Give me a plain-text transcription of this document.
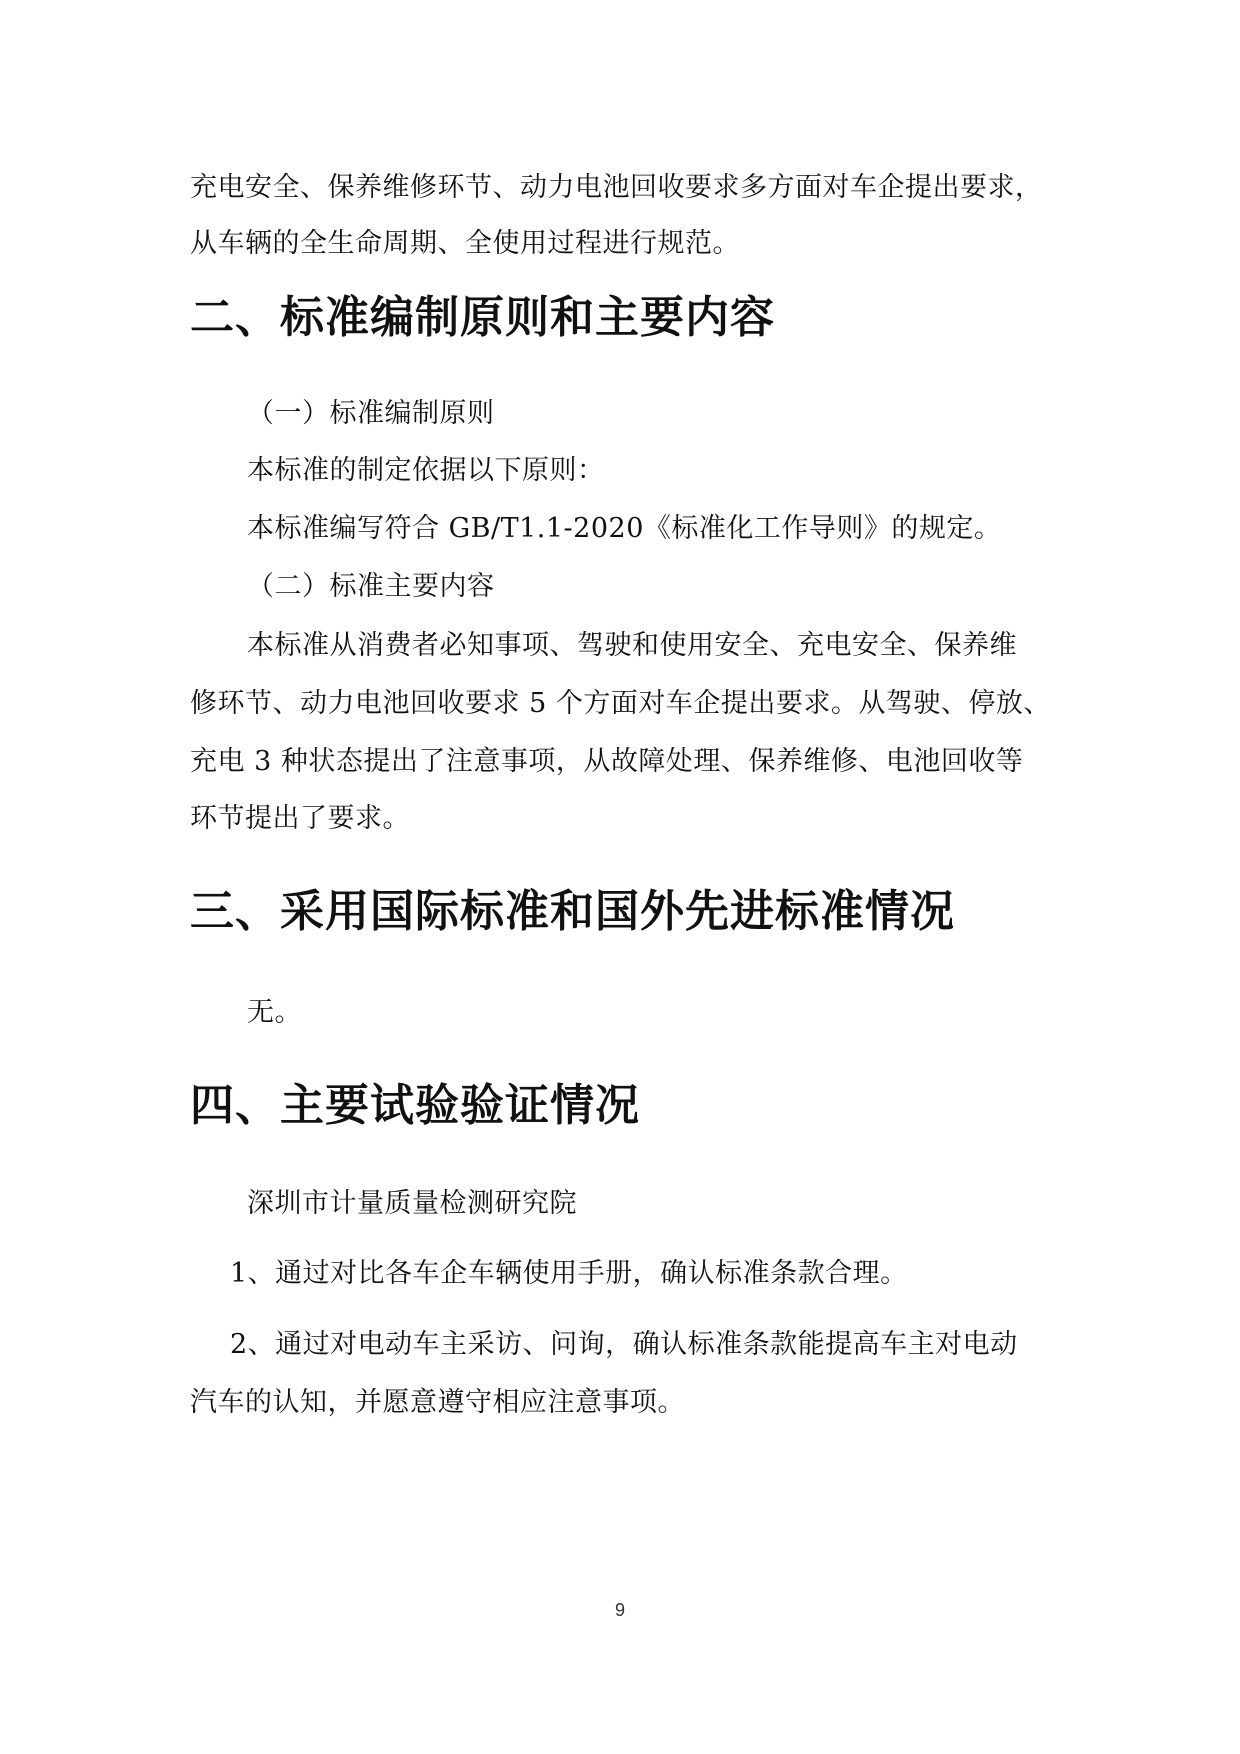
充电安全、保养维修环节、动力电池回收要求多方面对车企提出要求，
从车辆的全生命周期、全使用过程进行规范。
二、标准编制原则和主要内容
（一）标准编制原则
本标准的制定依据以下原则：
本标准编写符合 GB/T1.1-2020《标准化工作导则》的规定。
（二）标准主要内容
本标准从消费者必知事项、驾驶和使用安全、充电安全、保养维
修环节、动力电池回收要求 5 个方面对车企提出要求。从驾驶、停放、
充电 3 种状态提出了注意事项，从故障处理、保养维修、电池回收等
环节提出了要求。
三、采用国际标准和国外先进标准情况
无。
四、主要试验验证情况
深圳市计量质量检测研究院
1、通过对比各车企车辆使用手册，确认标准条款合理。
2、通过对电动车主采访、问询，确认标准条款能提高车主对电动
汽车的认知，并愿意遵守相应注意事项。
9
